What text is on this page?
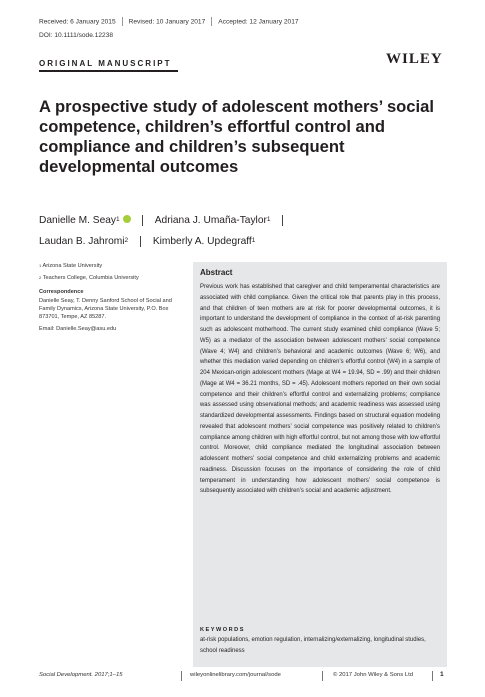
Received: 6 January 2015 Revised: 10 January 2017 Accepted: 12 January 2017
DOI: 10.1111/sode.12238
ORIGINAL MANUSCRIPT	WILEY
A prospective study of adolescent mothers’ social competence, children’s effortful control and compliance and children’s subsequent developmental outcomes
Danielle M. Seay$^1$iD	Adriana J. Umaña-Taylor$^1$
Laudan B. Jahromi$^2$ Kimberly A. Updegraff$^1$

$^1$ Arizona State University

$^2$ Teachers College, Columbia University

Correspondence

Danielle Seay, T. Denny Sanford School of Social and Family Dynamics, Arizona State University, P.O. Box 873701, Tempe, AZ 85287.

Email: Danielle.Seay@asu.edu

Abstract
Previous work has established that caregiver and child temperamental characteristics are associated with child compliance. Given the critical role that parents play in this process, and that children of teen mothers are at risk for poorer developmental outcomes, it is important to understand the development of compliance in the context of at-risk parenting such as adolescent motherhood. The current study examined child compliance (Wave 5; W5) as a mediator of the association between adolescent mothers’ social competence (Wave 4; W4) and children’s behavioral and academic outcomes (Wave 6; W6), and whether this mediation varied depending on children’s effortful control (W4) in a sample of 204 Mexican-origin adolescent mothers (Mage at W4 = 19.94, SD = .99) and their children (Mage at W4 = 36.21 months, SD = .45). Adolescent mothers reported on their own social competence and their children’s effortful control and externalizing problems; compliance was assessed using observational methods; and academic readiness was assessed using standardized developmental assessments. Findings based on structural equation modeling revealed that adolescent mothers’ social competence was positively related to children’s compliance among children with high effortful control, but not among those with low effortful control. Moreover, child compliance mediated the longitudinal association between adolescent mothers’ social competence and child externalizing problems and academic readiness. Discussion focuses on the importance of considering the role of child temperament in understanding how adolescent mothers’ social competence is subsequently associated with children’s social and academic adjustment.
KEYWORDS
at-risk populations, emotion regulation, internalizing/externalizing, longitudinal studies, school readiness
Social Development. 2017;1–15	wileyonlinelibrary.com/journal/sode	© 2017 John Wiley & Sons Ltd	1
